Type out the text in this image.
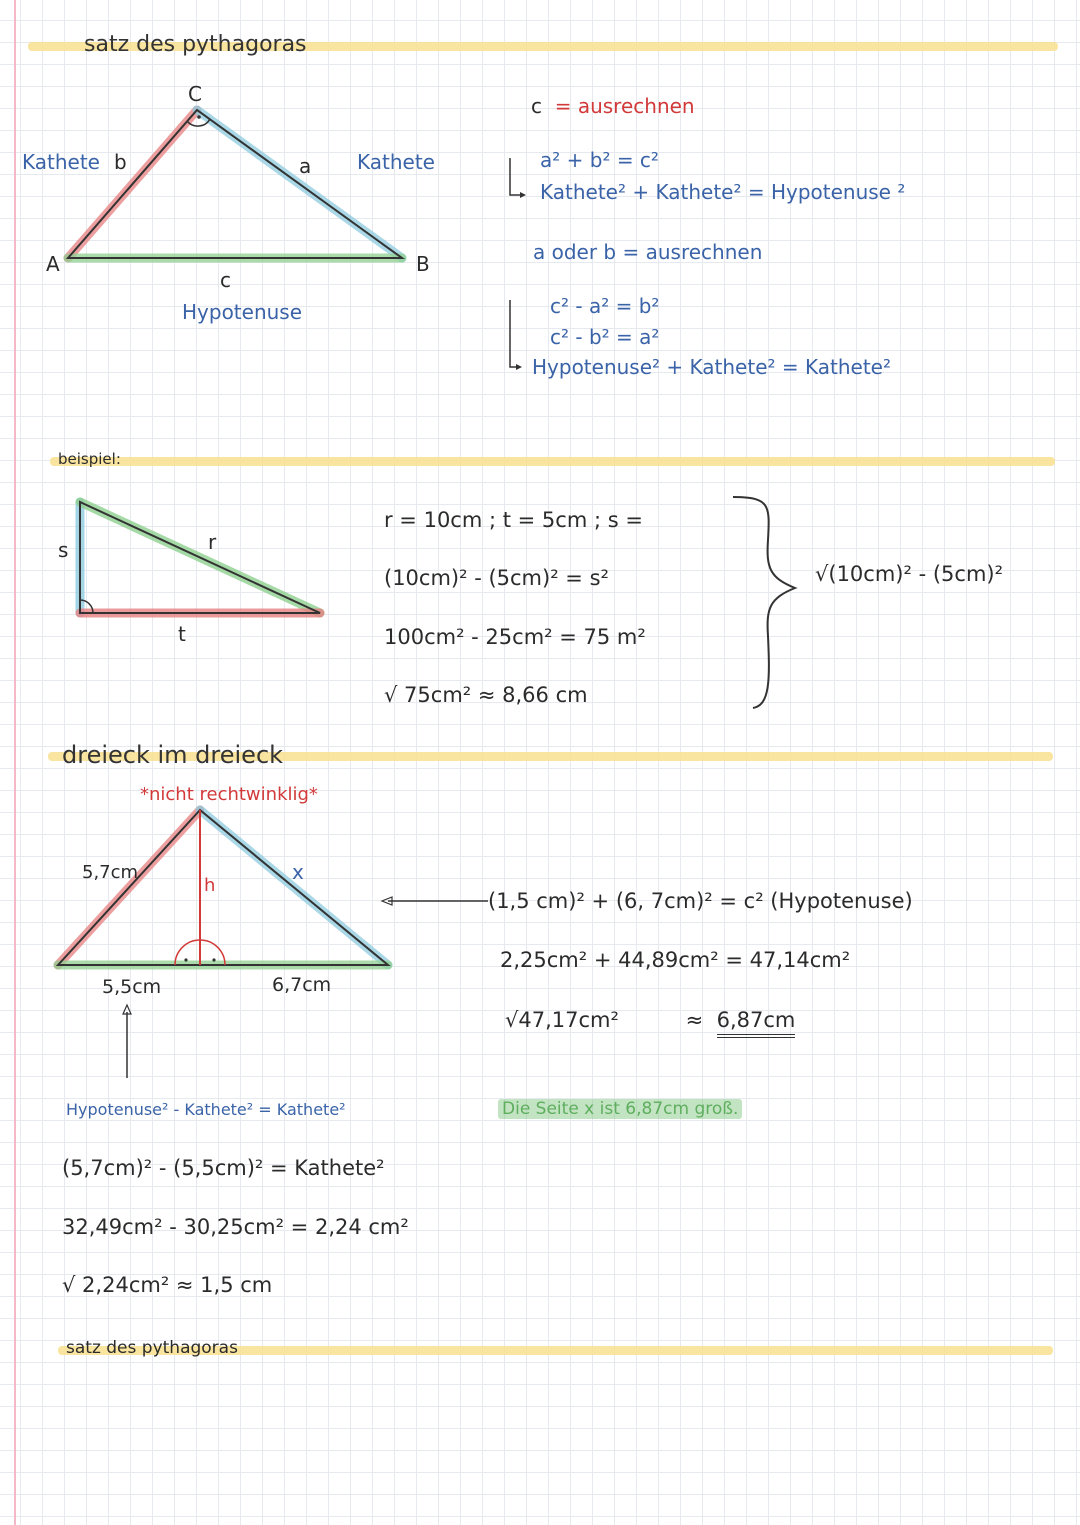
satz des pythagoras
C
Kathete b	a Kathete
A	B
c
Hypotenuse
c = ausrechnen
a² + b² = c²
Kathete² + Kathete² = Hypotenuse ²
a oder b = ausrechnen
c² - a² = b²
c² - b² = a²
Hypotenuse² + Kathete² = Kathete²
beispiel:
s	r
t
r = 10cm ; t = 5cm ; s =
(10cm)² - (5cm)² = s²
100cm² - 25cm² = 75 m²
√ 75cm² ≈ 8,66 cm
√(10cm)² - (5cm)²
dreieck im dreieck
*nicht rechtwinklig*
5,7cm
h
x
5,5cm	6,7cm
(1,5 cm)² + (6, 7cm)² = c² (Hypotenuse)
2,25cm² + 44,89cm² = 47,14cm²
√47,17cm²          ≈  6,87cm
Die Seite x ist 6,87cm groß.
Hypotenuse² - Kathete² = Kathete²
(5,7cm)² - (5,5cm)² = Kathete²
32,49cm² - 30,25cm² = 2,24 cm²
√ 2,24cm² ≈ 1,5 cm
satz des pythagoras
